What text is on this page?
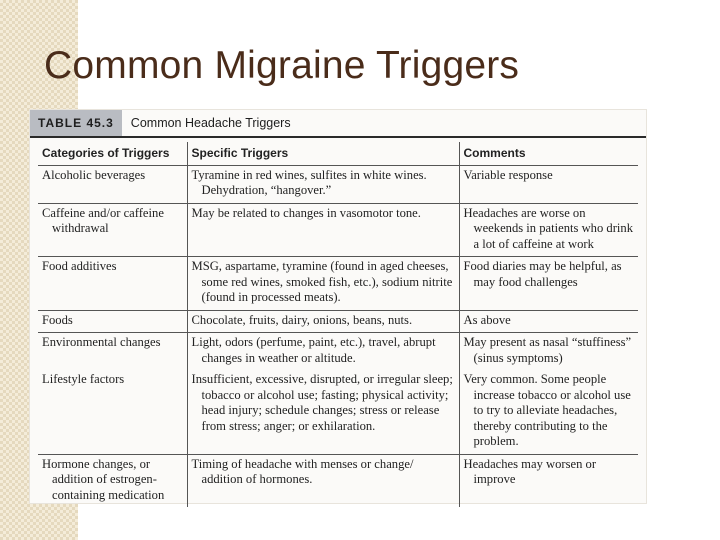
Common Migraine Triggers
TABLE 45.3	Common Headache Triggers
Categories of Triggers	Specific Triggers	Comments
Alcoholic beverages	Tyramine in red wines, sulfites in white wines. Dehydration, “hangover.”	Variable response
Caffeine and/or caffeine withdrawal	May be related to changes in vasomotor tone.	Headaches are worse on weekends in patients who drink a lot of caffeine at work
Food additives	MSG, aspartame, tyramine (found in aged cheeses, some red wines, smoked fish, etc.), sodium nitrite (found in processed meats).	Food diaries may be helpful, as may food challenges
Foods	Chocolate, fruits, dairy, onions, beans, nuts.	As above
Environmental changes	Light, odors (perfume, paint, etc.), travel, abrupt changes in weather or altitude.	May present as nasal “stuffiness” (sinus symptoms)
Lifestyle factors	Insufficient, excessive, disrupted, or irregular sleep; tobacco or alcohol use; fasting; physical activity; head injury; schedule changes; stress or release from stress; anger; or exhilaration.	Very common. Some people increase tobacco or alcohol use to try to alleviate headaches, thereby contributing to the problem.
Hormone changes, or addition of estrogen-containing medication	Timing of headache with menses or change/ addition of hormones.	Headaches may worsen or improve
